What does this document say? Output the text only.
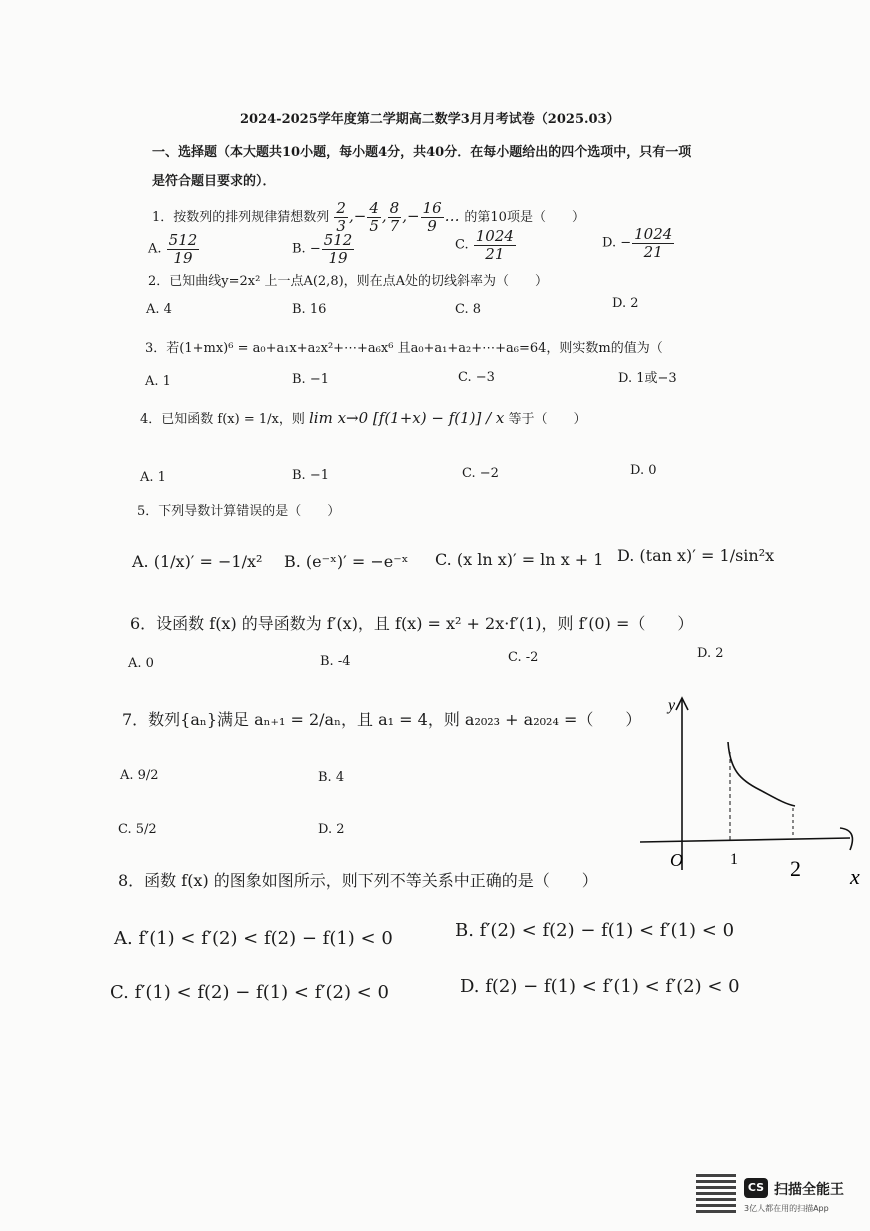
2024-2025学年度第二学期高二数学3月月考试卷（2025.03）
一、选择题（本大题共10小题，每小题4分，共40分．在每小题给出的四个选项中，只有一项
是符合题目要求的）．
1．按数列的排列规律猜想数列 $\frac{2}{3}$ ,− $\frac{4}{5}$ , $\frac{8}{7}$ ,− $\frac{16}{9}$ … 的第10项是（　　）
A. $\frac{512}{19}$	B. − $\frac{512}{19}$	C. $\frac{1024}{21}$	D. − $\frac{1024}{21}$
2．已知曲线y=2x² 上一点A(2,8)，则在点A处的切线斜率为（　　）
A. 4	B. 16	C. 8	D. 2
3．若(1+mx)⁶ = a₀+a₁x+a₂x²+⋯+a₆x⁶ 且a₀+a₁+a₂+⋯+a₆=64，则实数m的值为（
A. 1	B. −1	C. −3	D. 1或−3
4．已知函数 f(x) = 1/x，则 lim x→0 [f(1+x) − f(1)] / x 等于（　　）
A. 1	B. −1	C. −2	D. 0
5．下列导数计算错误的是（　　）
A. (1/x)′ = −1/x² B. (e⁻ˣ)′ = −e⁻ˣ C. (x ln x)′ = ln x + 1 D. (tan x)′ = 1/sin²x
6．设函数 f(x) 的导函数为 f′(x)，且 f(x) = x² + 2x·f′(1)，则 f′(0) =（　　）
A. 0	B. -4	C. -2	D. 2
7．数列{aₙ}满足 aₙ₊₁ = 2/aₙ，且 a₁ = 4，则 a₂₀₂₃ + a₂₀₂₄ =（　　）
A. 9/2	B. 4
C. 5/2	D. 2
y
O	1 2 x
8．函数 f(x) 的图象如图所示，则下列不等关系中正确的是（　　）
A. f′(1) < f′(2) < f(2) − f(1) < 0	B. f′(2) < f(2) − f(1) < f′(1) < 0
C. f′(1) < f(2) − f(1) < f′(2) < 0	D. f(2) − f(1) < f′(1) < f′(2) < 0
CS 扫描全能王
3亿人都在用的扫描App
